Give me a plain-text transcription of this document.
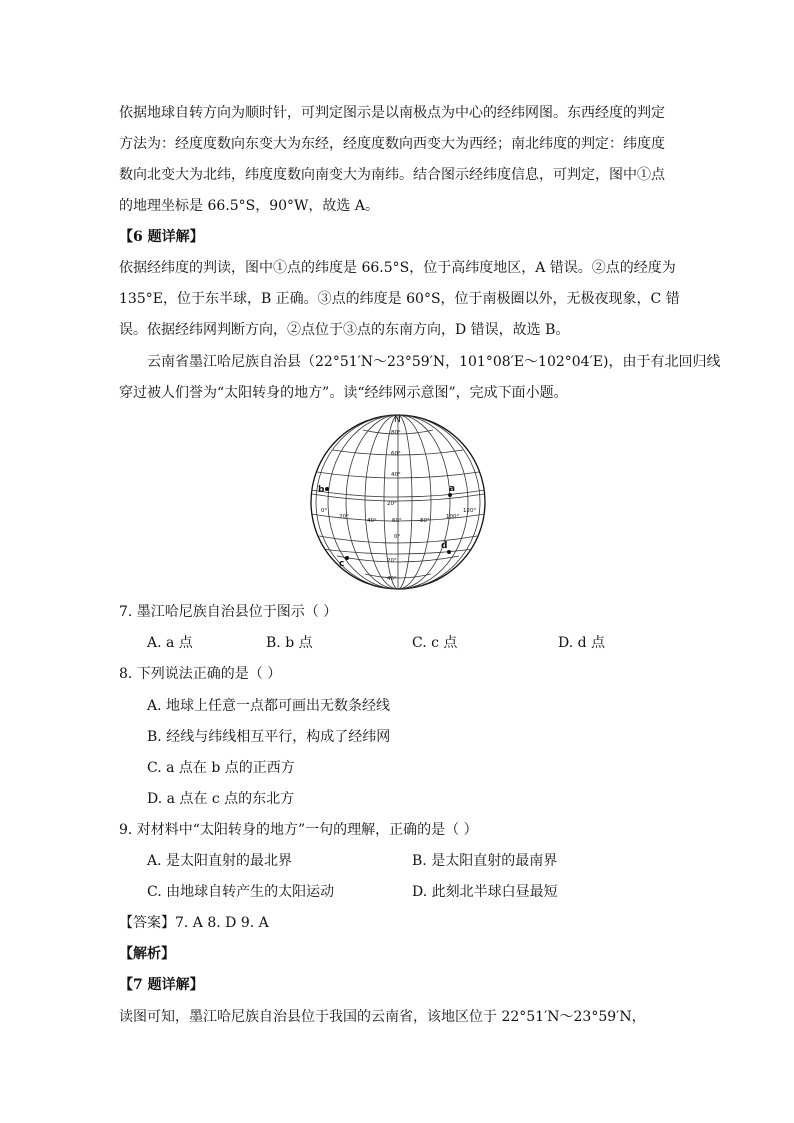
依据地球自转方向为顺时针，可判定图示是以南极点为中心的经纬网图。东西经度的判定
方法为：经度度数向东变大为东经，经度度数向西变大为西经；南北纬度的判定：纬度度
数向北变大为北纬，纬度度数向南变大为南纬。结合图示经纬度信息，可判定，图中①点
的地理坐标是 66.5°S，90°W，故选 A。
【6 题详解】
依据经纬度的判读，图中①点的纬度是 66.5°S，位于高纬度地区，A 错误。②点的经度为
135°E，位于东半球，B 正确。③点的纬度是 60°S，位于南极圈以外，无极夜现象，C 错
误。依据经纬网判断方向，②点位于③点的东南方向，D 错误，故选 B。
云南省墨江哈尼族自治县（22°51′N～23°59′N，101°08′E～102°04′E)，由于有北回归线
穿过被人们誉为“太阳转身的地方”。读“经纬网示意图”，完成下面小题。
N
80°
60°
40°
20°
0°
20°
40°
0°
20°
40°	60°	80°
100°
120°
a
b
c
d
7. 墨江哈尼族自治县位于图示（ ）
A. a 点	B. b 点	C. c 点	D. d 点
8. 下列说法正确的是（ ）
A. 地球上任意一点都可画出无数条经线
B. 经线与纬线相互平行，构成了经纬网
C. a 点在 b 点的正西方
D. a 点在 c 点的东北方
9. 对材料中“太阳转身的地方”一句的理解，正确的是（ ）
A. 是太阳直射的最北界	B. 是太阳直射的最南界
C. 由地球自转产生的太阳运动	D. 此刻北半球白昼最短
【答案】7. A 8. D 9. A
【解析】
【7 题详解】
读图可知，墨江哈尼族自治县位于我国的云南省，该地区位于 22°51′N～23°59′N，
